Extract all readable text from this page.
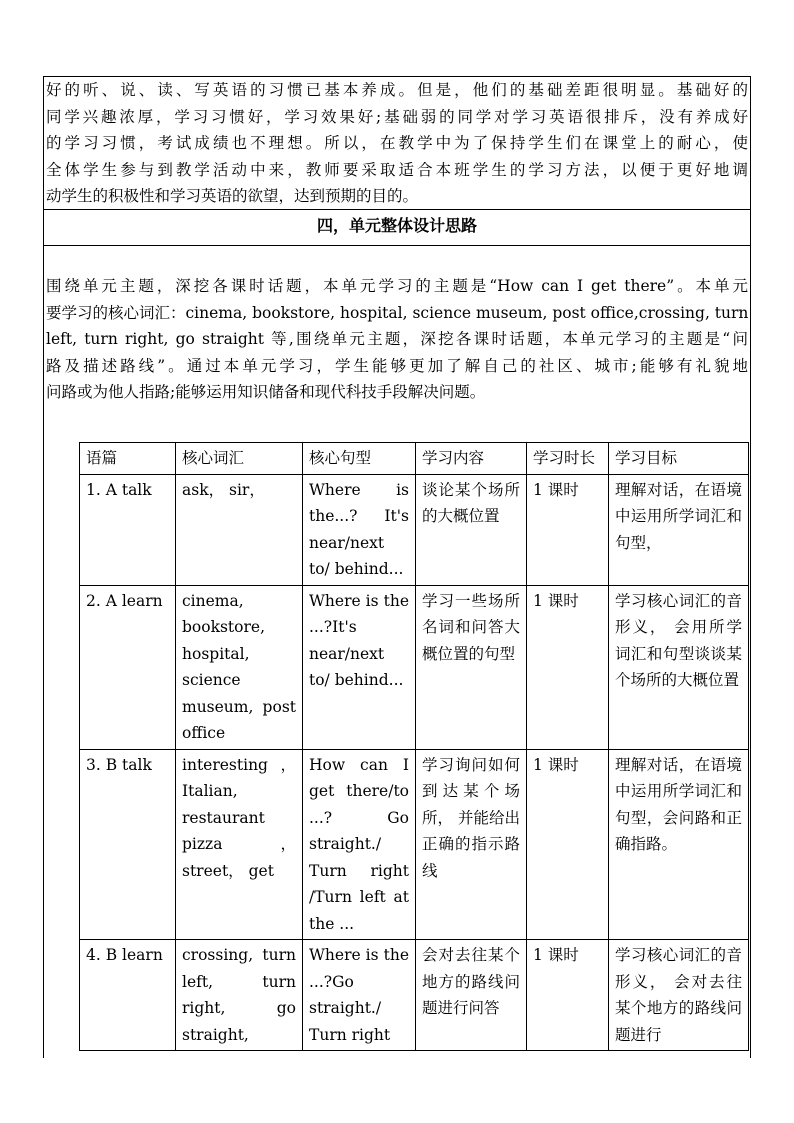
好的听、说、读、写英语的习惯已基本养成。但是，他们的基础差距很明显。基础好的
同学兴趣浓厚，学习习惯好，学习效果好;基础弱的同学对学习英语很排斥，没有养成好
的学习习惯，考试成绩也不理想。所以，在教学中为了保持学生们在课堂上的耐心，使
全体学生参与到教学活动中来，教师要采取适合本班学生的学习方法，以便于更好地调
动学生的积极性和学习英语的欲望，达到预期的目的。
四，单元整体设计思路
围绕单元主题，深挖各课时话题，本单元学习的主题是“How can I get there”。本单元
要学习的核心词汇：cinema, bookstore, hospital, science museum, post office,crossing, turn
left, turn right, go straight 等,围绕单元主题，深挖各课时话题，本单元学习的主题是“问
路及描述路线”。通过本单元学习，学生能够更加了解自己的社区、城市;能够有礼貌地
问路或为他人指路;能够运用知识储备和现代科技手段解决问题。
语篇	核心词汇	核心句型	学习内容	学习时长	学习目标

1. A talk	ask， sir，	Where is the...? It's near/next to/ behind...	谈论某个场所的大概位置	1 课时	理解对话，在语境中运用所学词汇和句型，

2. A learn	cinema, bookstore, hospital, science museum, post office	Where is the ...?It's near/next to/ behind...	学习一些场所名词和问答大概位置的句型	1 课时	学习核心词汇的音形义， 会用所学词汇和句型谈谈某个场所的大概位置

3. B talk	interesting ， Italian, restaurant pizza ， street， get	How can I get there/to ...? Go straight./ Turn right /Turn left at the ...	学习询问如何到达某个场所， 并能给出正确的指示路线	1 课时	理解对话，在语境中运用所学词汇和句型，会问路和正确指路。

4. B learn	crossing, turn left, turn right, go straight,	Where is the ...?Go straight./ Turn right	会对去往某个地方的路线问题进行问答	1 课时	学习核心词汇的音形义， 会对去往某个地方的路线问题进行
